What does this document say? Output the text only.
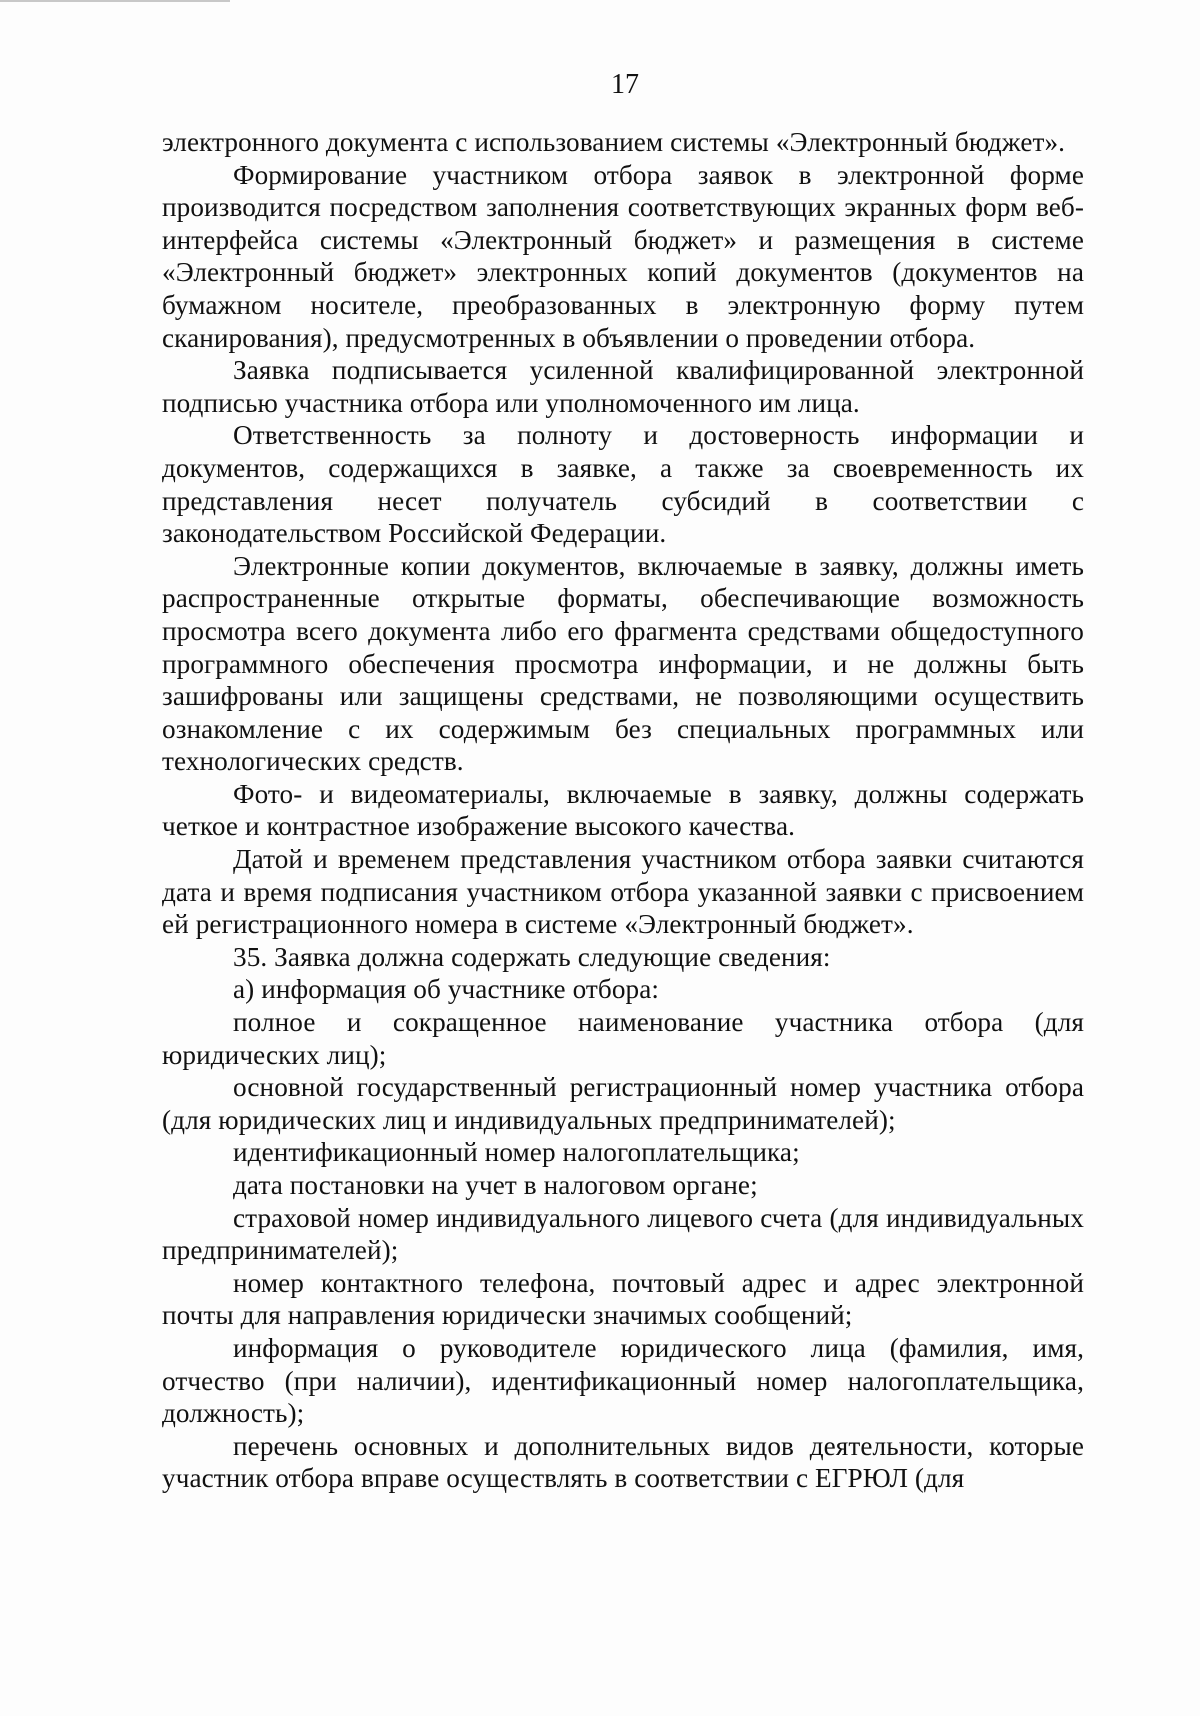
17

электронного документа с использованием системы «Электронный бюджет».

Формирование участником отбора заявок в электронной форме производится посредством заполнения соответствующих экранных форм веб-интерфейса системы «Электронный бюджет» и размещения в системе «Электронный бюджет» электронных копий документов (документов на бумажном носителе, преобразованных в электронную форму путем сканирования), предусмотренных в объявлении о проведении отбора.

Заявка подписывается усиленной квалифицированной электронной подписью участника отбора или уполномоченного им лица.

Ответственность за полноту и достоверность информации и документов, содержащихся в заявке, а также за своевременность их представления несет получатель субсидий в соответствии с законодательством Российской Федерации.

Электронные копии документов, включаемые в заявку, должны иметь распространенные открытые форматы, обеспечивающие возможность просмотра всего документа либо его фрагмента средствами общедоступного программного обеспечения просмотра информации, и не должны быть зашифрованы или защищены средствами, не позволяющими осуществить ознакомление с их содержимым без специальных программных или технологических средств.

Фото- и видеоматериалы, включаемые в заявку, должны содержать четкое и контрастное изображение высокого качества.

Датой и временем представления участником отбора заявки считаются дата и время подписания участником отбора указанной заявки с присвоением ей регистрационного номера в системе «Электронный бюджет».

35. Заявка должна содержать следующие сведения:

а) информация об участнике отбора:

полное и сокращенное наименование участника отбора (для юридических лиц);

основной государственный регистрационный номер участника отбора (для юридических лиц и индивидуальных предпринимателей);

идентификационный номер налогоплательщика;

дата постановки на учет в налоговом органе;

страховой номер индивидуального лицевого счета (для индивидуальных предпринимателей);

номер контактного телефона, почтовый адрес и адрес электронной почты для направления юридически значимых сообщений;

информация о руководителе юридического лица (фамилия, имя, отчество (при наличии), идентификационный номер налогоплательщика, должность);

перечень основных и дополнительных видов деятельности, которые участник отбора вправе осуществлять в соответствии с ЕГРЮЛ (для
